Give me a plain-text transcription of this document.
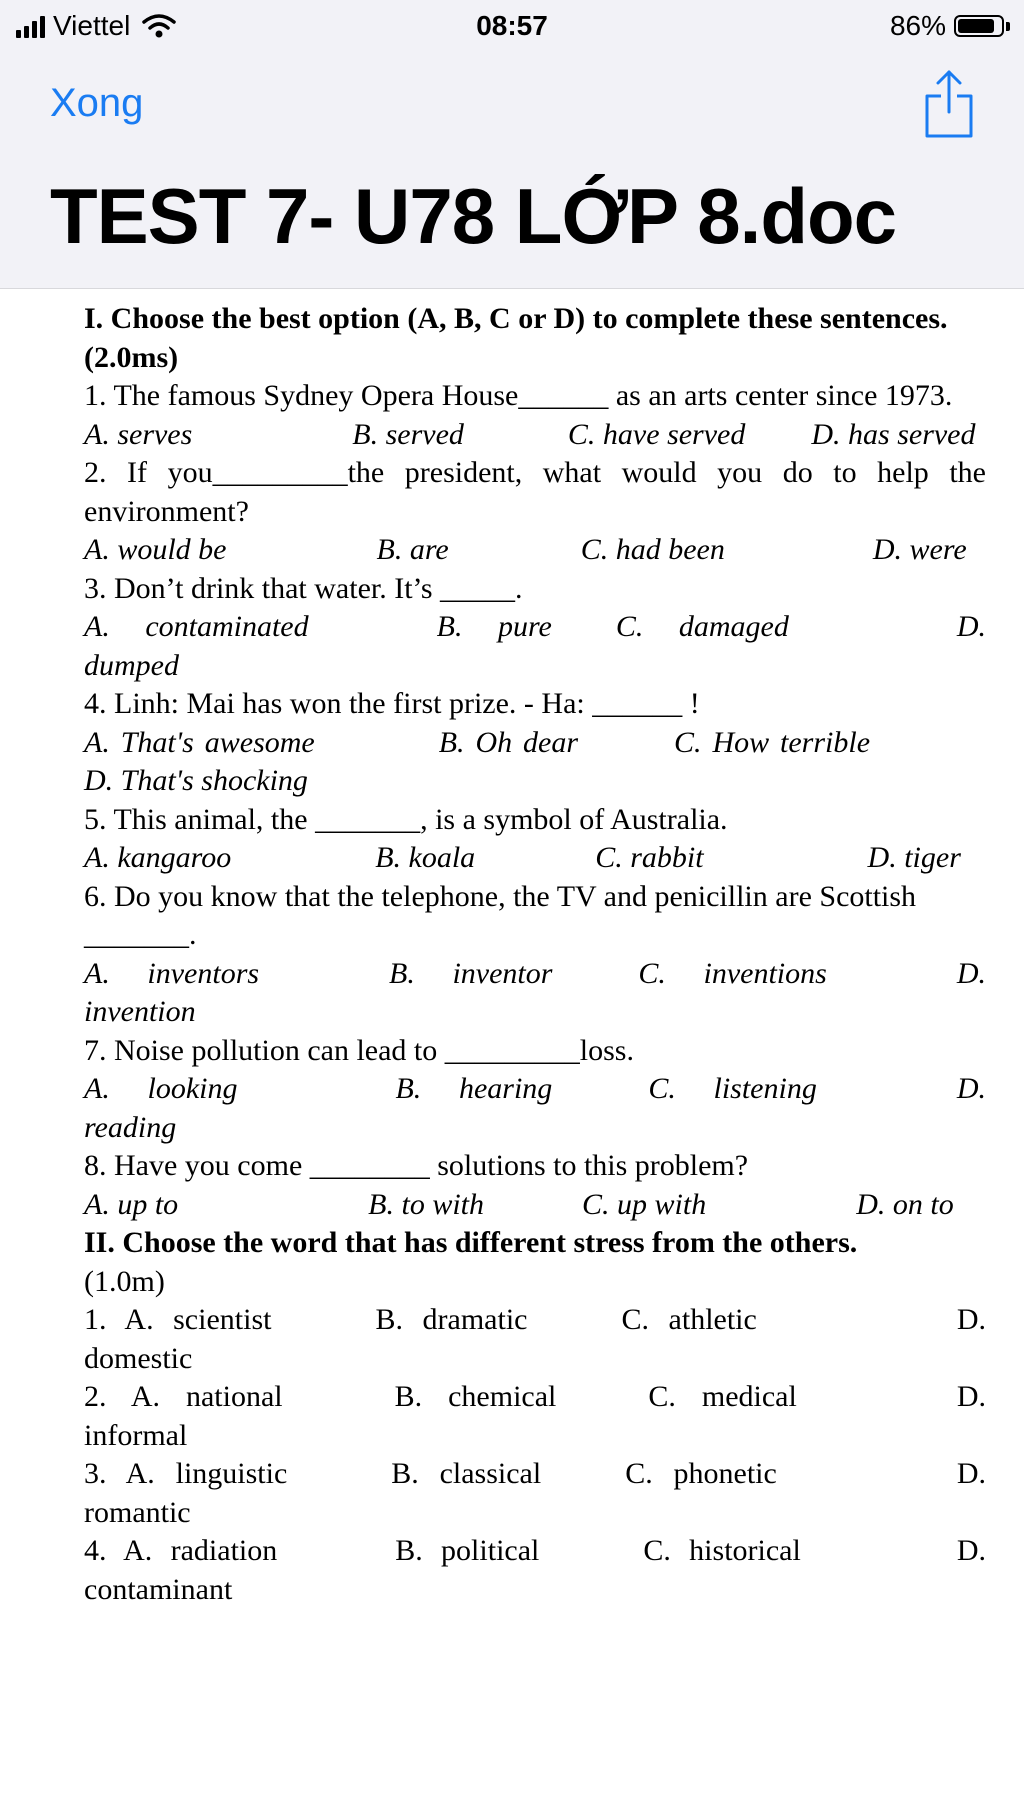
Viettel	08:57	86%
Xong
TEST 7- U78 LỚP 8.doc

I. Choose the best option (A, B, C or D) to complete these sentences. (2.0ms)

1. The famous Sydney Opera House______ as an arts center since 1973.

A. serves	B. served	C. have served D. has served

2. If you_________the president, what would you do to help the environment?

A. would be	B. are	C. had been	D. were

3. Don’t drink that water. It’s _____.

A. contaminated	B. pure C. damaged	D. dumped

4. Linh: Mai has won the first prize. - Ha: ______ !

A. That's awesome	B. Oh dear	C. How terribleD. That's shocking

5. This animal, the _______, is a symbol of Australia.

A. kangaroo	B. koala	C. rabbit	D. tiger

6. Do you know that the telephone, the TV and penicillin are Scottish _______.

A. inventors	B. inventor	C. inventions	D. invention

7. Noise pollution can lead to _________loss.

A. looking	B. hearing	C. listening	D. reading

8. Have you come ________ solutions to this problem?

A. up to	B. to with	C. up with	D. on to

II. Choose the word that has different stress from the others.
(1.0m)

1. A. scientist	B. dramatic	C. athletic	D. domestic

2. A. national	B. chemical	C. medical	D. informal

3. A. linguistic	B. classical	C. phonetic	D. romantic

4. A. radiation	B. political	C. historical	D. contaminant
